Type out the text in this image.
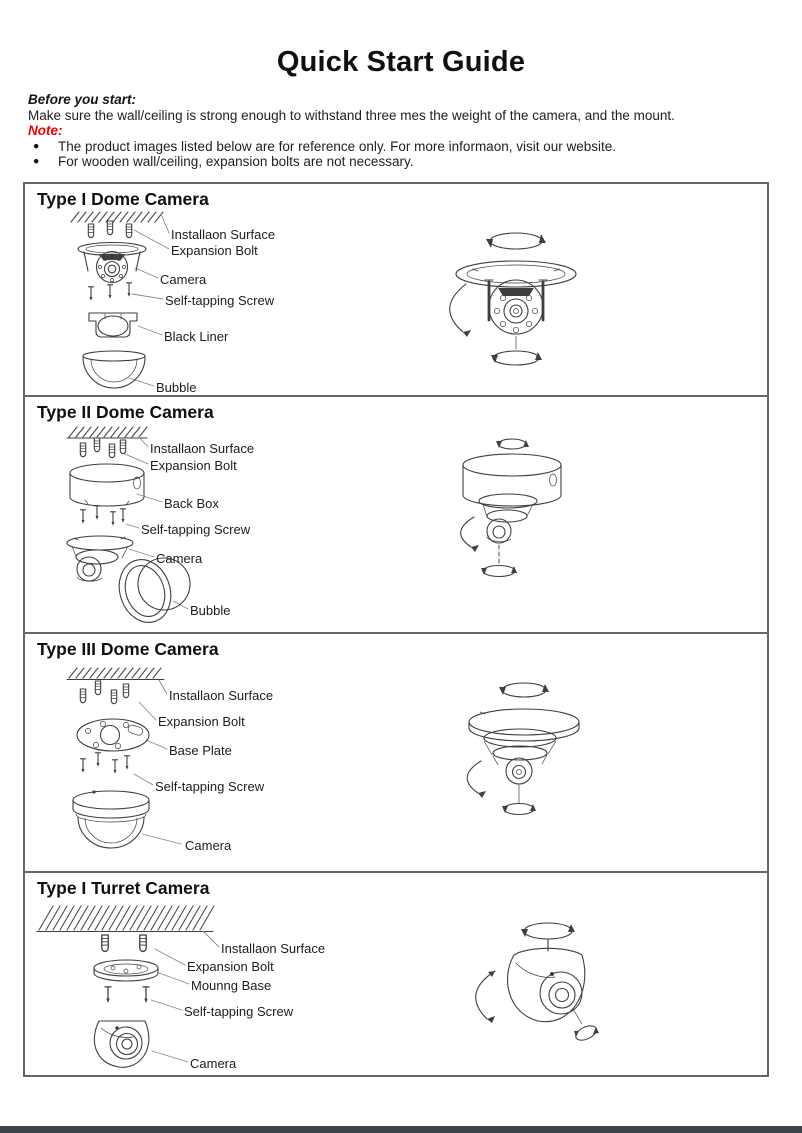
Quick Start Guide
Before you start:
Make sure the wall/ceiling is strong enough to withstand three mes the weight of the camera, and the mount.
Note:
●	The product images listed below are for reference only. For more informaon, visit our website.
●	For wooden wall/ceiling, expansion bolts are not necessary.
Type I Dome Camera
Installaon Surface
Expansion Bolt
Camera
Self-tapping Screw
Black Liner
Bubble
Type II Dome Camera
Installaon Surface
Expansion Bolt
Back Box
Self-tapping Screw
Camera
Bubble
Type III Dome Camera
Installaon Surface
Expansion Bolt
Base Plate
Self-tapping Screw
Camera
Type I Turret Camera
Installaon Surface
Expansion Bolt
Mounng Base
Self-tapping Screw
Camera
